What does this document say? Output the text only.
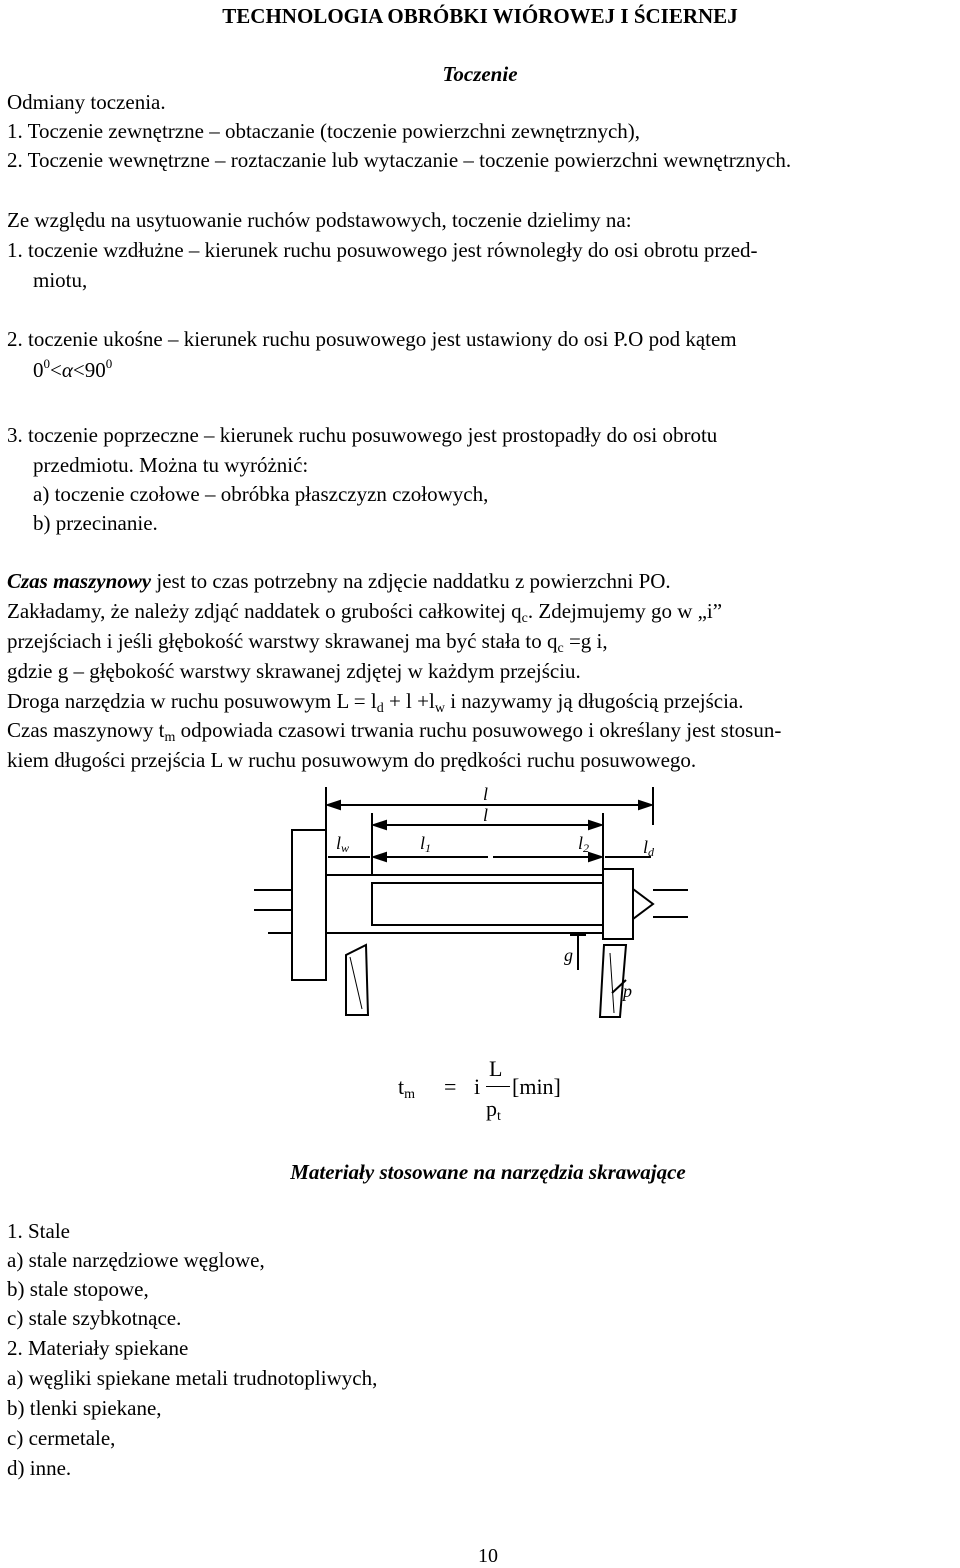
TECHNOLOGIA OBRÓBKI WIÓROWEJ I ŚCIERNEJ
Toczenie
Odmiany toczenia.
1. Toczenie zewnętrzne – obtaczanie (toczenie powierzchni zewnętrznych),
2. Toczenie wewnętrzne – roztaczanie lub wytaczanie – toczenie powierzchni wewnętrznych.
Ze względu na usytuowanie ruchów podstawowych, toczenie dzielimy na:
1. toczenie wzdłużne – kierunek ruchu posuwowego jest równoległy do osi obrotu przed-
miotu,
2. toczenie ukośne – kierunek ruchu posuwowego jest ustawiony do osi P.O pod kątem
$0^0<\alpha<90^0$
3. toczenie poprzeczne – kierunek ruchu posuwowego jest prostopadły do osi obrotu
przedmiotu. Można tu wyróżnić:
a) toczenie czołowe – obróbka płaszczyzn czołowych,
b) przecinanie.
Czas maszynowy jest to czas potrzebny na zdjęcie naddatku z powierzchni PO.
Zakładamy, że należy zdjąć naddatek o grubości całkowitej $q_c$. Zdejmujemy go w „i”
przejściach i jeśli głębokość warstwy skrawanej ma być stała to $q_c =g$ i,
gdzie g – głębokość warstwy skrawanej zdjętej w każdym przejściu.
Droga narzędzia w ruchu posuwowym $L = l_d + l +l_w$ i nazywamy ją długością przejścia.
Czas maszynowy $t_m$ odpowiada czasowi trwania ruchu posuwowego i określany jest stosun-
kiem długości przejścia L w ruchu posuwowym do prędkości ruchu posuwowego.
l
l
lw	l1	l2	ld
g
p
$t_m = i$
L
$p_t$
[min]
Materiały stosowane na narzędzia skrawające
1. Stale
a) stale narzędziowe węglowe,
b) stale stopowe,
c) stale szybkotnące.
2. Materiały spiekane
a) węgliki spiekane metali trudnotopliwych,
b) tlenki spiekane,
c) cermetale,
d) inne.
10
